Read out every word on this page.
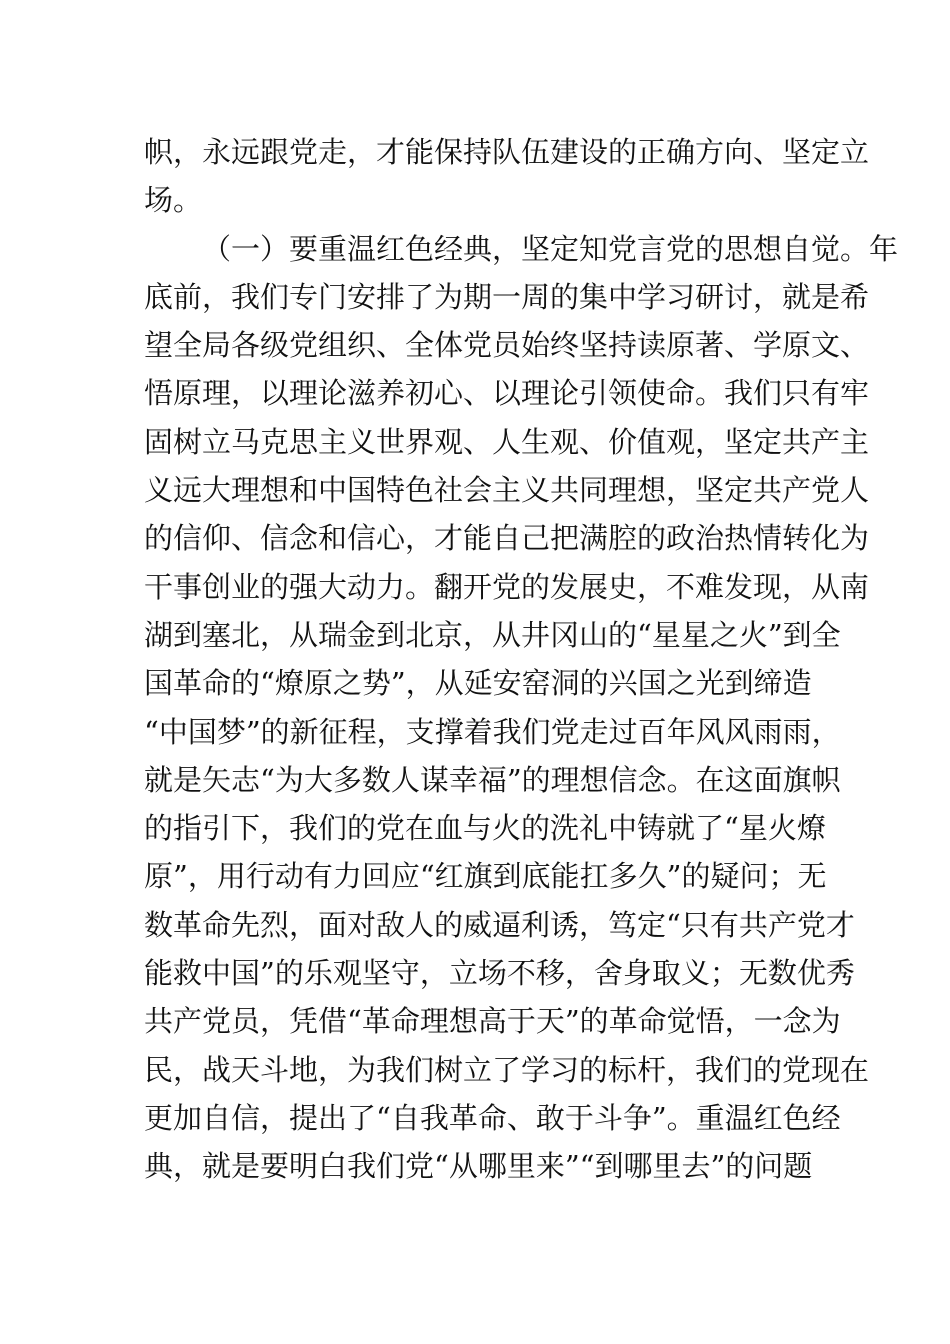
帜，永远跟党走，才能保持队伍建设的正确方向、坚定立
场。
（一）要重温红色经典，坚定知党言党的思想自觉。年
底前，我们专门安排了为期一周的集中学习研讨，就是希
望全局各级党组织、全体党员始终坚持读原著、学原文、
悟原理，以理论滋养初心、以理论引领使命。我们只有牢
固树立马克思主义世界观、人生观、价值观，坚定共产主
义远大理想和中国特色社会主义共同理想，坚定共产党人
的信仰、信念和信心，才能自己把满腔的政治热情转化为
干事创业的强大动力。翻开党的发展史，不难发现，从南
湖到塞北，从瑞金到北京，从井冈山的“星星之火”到全
国革命的“燎原之势”，从延安窑洞的兴国之光到缔造
“中国梦”的新征程，支撑着我们党走过百年风风雨雨，
就是矢志“为大多数人谋幸福”的理想信念。在这面旗帜
的指引下，我们的党在血与火的洗礼中铸就了“星火燎
原”，用行动有力回应“红旗到底能扛多久”的疑问；无
数革命先烈，面对敌人的威逼利诱，笃定“只有共产党才
能救中国”的乐观坚守，立场不移，舍身取义；无数优秀
共产党员，凭借“革命理想高于天”的革命觉悟，一念为
民，战天斗地，为我们树立了学习的标杆，我们的党现在
更加自信，提出了“自我革命、敢于斗争”。重温红色经
典，就是要明白我们党“从哪里来”“到哪里去”的问题
